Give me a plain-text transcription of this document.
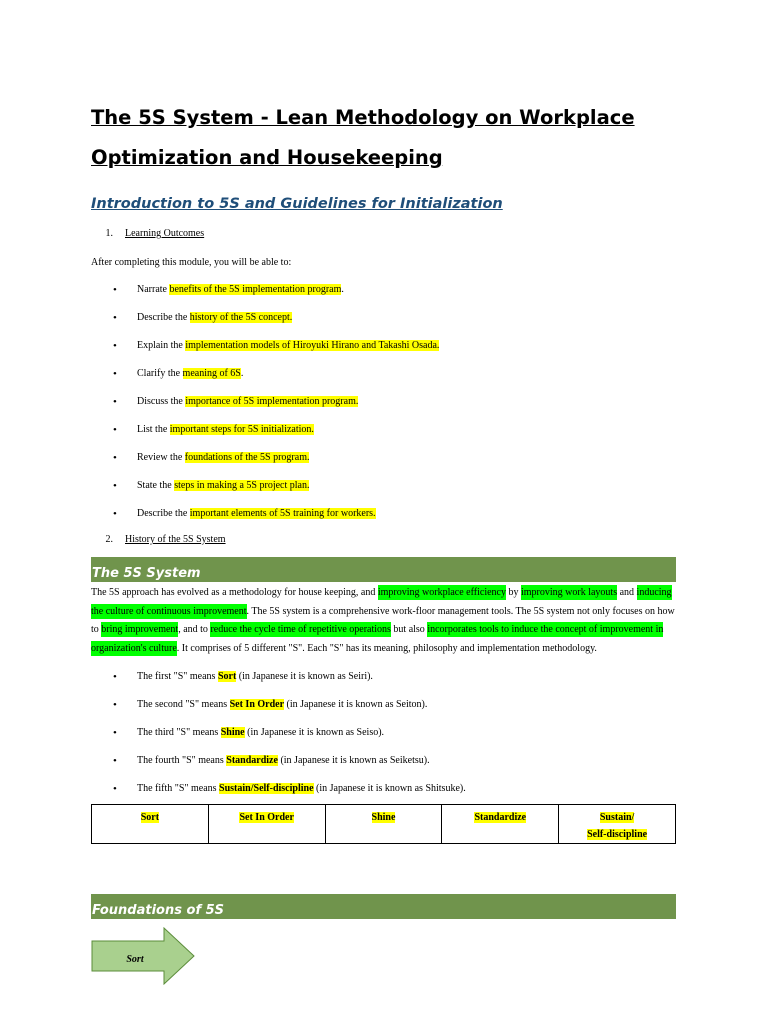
The 5S System - Lean Methodology on Workplace
Optimization and Housekeeping
Introduction to 5S and Guidelines for Initialization
1. Learning Outcomes
After completing this module, you will be able to:
• Narrate benefits of the 5S implementation program.
• Describe the history of the 5S concept.
• Explain the implementation models of Hiroyuki Hirano and Takashi Osada.
• Clarify the meaning of 6S.
• Discuss the importance of 5S implementation program.
• List the important steps for 5S initialization.
• Review the foundations of the 5S program.
• State the steps in making a 5S project plan.
• Describe the important elements of 5S training for workers.
2. History of the 5S System
The 5S System
The 5S approach has evolved as a methodology for house keeping, and improving workplace efficiency by improving work layouts and inducing the culture of continuous improvement. The 5S system is a comprehensive work-floor management tools. The 5S system not only focuses on how to bring improvement, and to reduce the cycle time of repetitive operations but also incorporates tools to induce the concept of improvement in organization's culture. It comprises of 5 different "S". Each "S" has its meaning, philosophy and implementation methodology.
• The first "S" means Sort (in Japanese it is known as Seiri).
• The second "S" means Set In Order (in Japanese it is known as Seiton).
• The third "S" means Shine (in Japanese it is known as Seiso).
• The fourth "S" means Standardize (in Japanese it is known as Seiketsu).
• The fifth "S" means Sustain/Self-discipline (in Japanese it is known as Shitsuke).
Sort	Set In Order	Shine	Standardize	Sustain/
Self-discipline
Foundations of 5S
Sort
